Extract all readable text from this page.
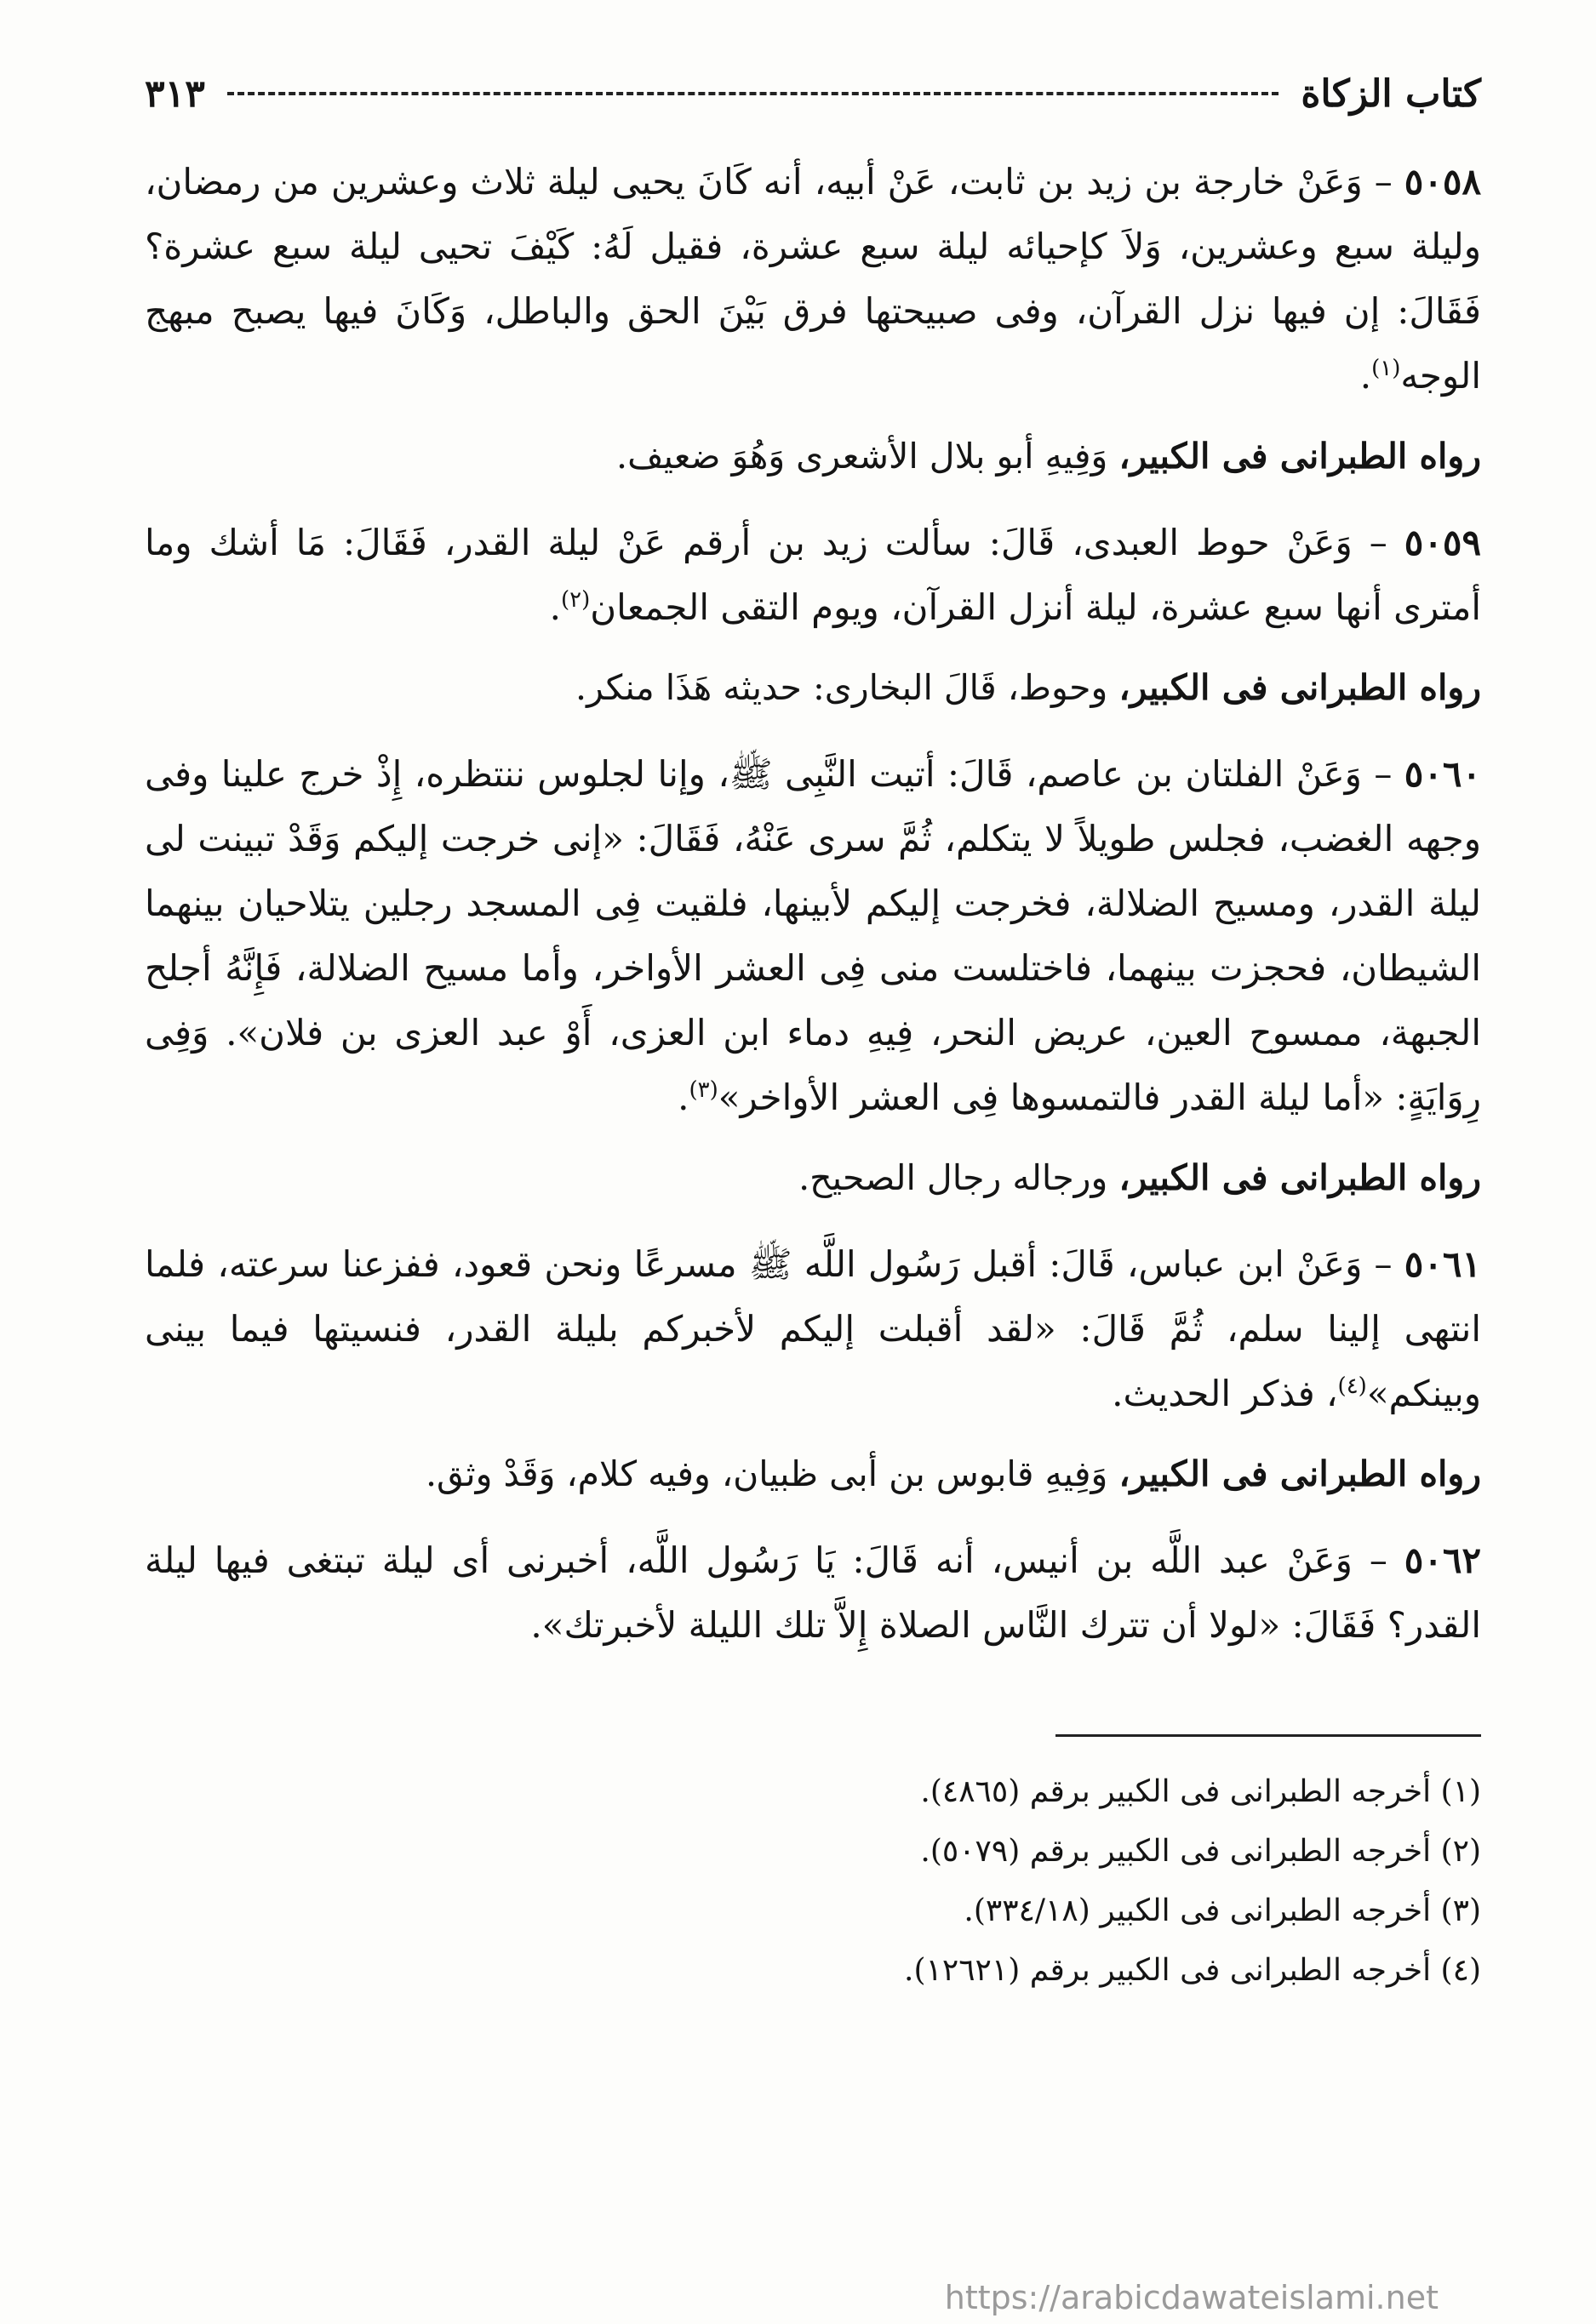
كتاب الزكاة
٣١٣

٥٠٥٨ – وَعَنْ خارجة بن زيد بن ثابت، عَنْ أبيه، أنه كَانَ يحيى ليلة ثلاث وعشرين من رمضان، وليلة سبع وعشرين، وَلاَ كإحيائه ليلة سبع عشرة، فقيل لَهُ: كَيْفَ تحيى ليلة سبع عشرة؟ فَقَالَ: إن فيها نزل القرآن، وفى صبيحتها فرق بَيْنَ الحق والباطل، وَكَانَ فيها يصبح مبهج الوجه$^{(١)}$.

رواه الطبرانى فى الكبير، وَفِيهِ أبو بلال الأشعرى وَهُوَ ضعيف.

٥٠٥٩ – وَعَنْ حوط العبدى، قَالَ: سألت زيد بن أرقم عَنْ ليلة القدر، فَقَالَ: مَا أشك وما أمترى أنها سبع عشرة، ليلة أنزل القرآن، ويوم التقى الجمعان$^{(٢)}$.

رواه الطبرانى فى الكبير، وحوط، قَالَ البخارى: حديثه هَذَا منكر.

٥٠٦٠ – وَعَنْ الفلتان بن عاصم، قَالَ: أتيت النَّبِى ﷺ، وإنا لجلوس ننتظره، إِذْ خرج علينا وفى وجهه الغضب، فجلس طويلاً لا يتكلم، ثُمَّ سرى عَنْهُ، فَقَالَ: «إنى خرجت إليكم وَقَدْ تبينت لى ليلة القدر، ومسيح الضلالة، فخرجت إليكم لأبينها، فلقيت فِى المسجد رجلين يتلاحيان بينهما الشيطان، فحجزت بينهما، فاختلست منى فِى العشر الأواخر، وأما مسيح الضلالة، فَإِنَّهُ أجلح الجبهة، ممسوح العين، عريض النحر، فِيهِ دماء ابن العزى، أَوْ عبد العزى بن فلان». وَفِى رِوَايَةٍ: «أما ليلة القدر فالتمسوها فِى العشر الأواخر»$^{(٣)}$.

رواه الطبرانى فى الكبير، ورجاله رجال الصحيح.

٥٠٦١ – وَعَنْ ابن عباس، قَالَ: أقبل رَسُول اللَّه ﷺ مسرعًا ونحن قعود، ففزعنا سرعته، فلما انتهى إلينا سلم، ثُمَّ قَالَ: «لقد أقبلت إليكم لأخبركم بليلة القدر، فنسيتها فيما بينى وبينكم»$^{(٤)}$، فذكر الحديث.

رواه الطبرانى فى الكبير، وَفِيهِ قابوس بن أبى ظبيان، وفيه كلام، وَقَدْ وثق.

٥٠٦٢ – وَعَنْ عبد اللَّه بن أنيس، أنه قَالَ: يَا رَسُول اللَّه، أخبرنى أى ليلة تبتغى فيها ليلة القدر؟ فَقَالَ: «لولا أن تترك النَّاس الصلاة إِلاَّ تلك الليلة لأخبرتك».

(١) أخرجه الطبرانى فى الكبير برقم (٤٨٦٥).
(٢) أخرجه الطبرانى فى الكبير برقم (٥٠٧٩).
(٣) أخرجه الطبرانى فى الكبير (٣٣٤/١٨).
(٤) أخرجه الطبرانى فى الكبير برقم (١٢٦٢١).
https://arabicdawateislami.net
